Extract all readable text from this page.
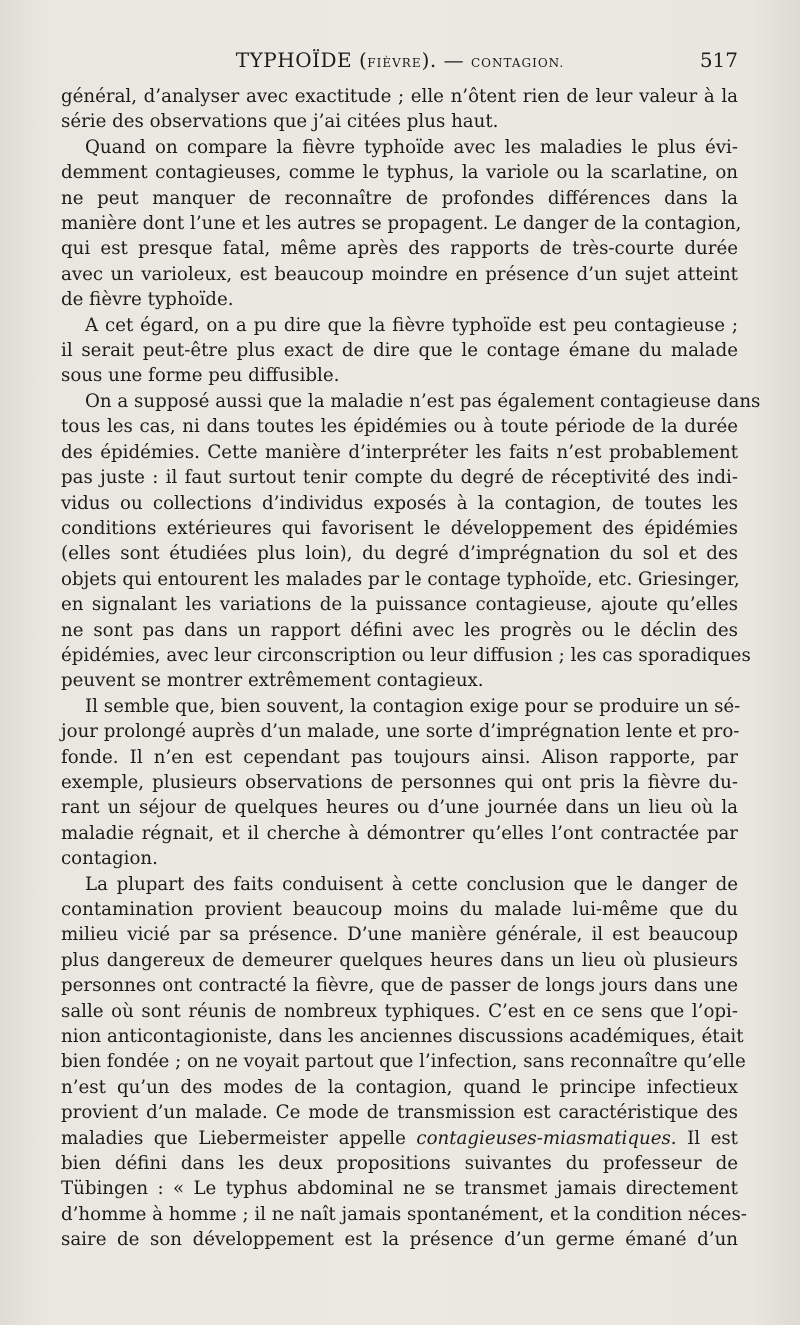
TYPHOÏDE (FIÈVRE). — CONTAGION.	517

général, d’analyser avec exactitude ; elle n’ôtent rien de leur valeur à la
série des observations que j’ai citées plus haut.

Quand on compare la fièvre typhoïde avec les maladies le plus évi-
demment contagieuses, comme le typhus, la variole ou la scarlatine, on
ne peut manquer de reconnaître de profondes différences dans la
manière dont l’une et les autres se propagent. Le danger de la contagion,
qui est presque fatal, même après des rapports de très-courte durée
avec un varioleux, est beaucoup moindre en présence d’un sujet atteint
de fièvre typhoïde.

A cet égard, on a pu dire que la fièvre typhoïde est peu contagieuse ;
il serait peut-être plus exact de dire que le contage émane du malade
sous une forme peu diffusible.

On a supposé aussi que la maladie n’est pas également contagieuse dans
tous les cas, ni dans toutes les épidémies ou à toute période de la durée
des épidémies. Cette manière d’interpréter les faits n’est probablement
pas juste : il faut surtout tenir compte du degré de réceptivité des indi-
vidus ou collections d’individus exposés à la contagion, de toutes les
conditions extérieures qui favorisent le développement des épidémies
(elles sont étudiées plus loin), du degré d’imprégnation du sol et des
objets qui entourent les malades par le contage typhoïde, etc. Griesinger,
en signalant les variations de la puissance contagieuse, ajoute qu’elles
ne sont pas dans un rapport défini avec les progrès ou le déclin des
épidémies, avec leur circonscription ou leur diffusion ; les cas sporadiques
peuvent se montrer extrêmement contagieux.

Il semble que, bien souvent, la contagion exige pour se produire un sé-
jour prolongé auprès d’un malade, une sorte d’imprégnation lente et pro-
fonde. Il n’en est cependant pas toujours ainsi. Alison rapporte, par
exemple, plusieurs observations de personnes qui ont pris la fièvre du-
rant un séjour de quelques heures ou d’une journée dans un lieu où la
maladie régnait, et il cherche à démontrer qu’elles l’ont contractée par
contagion.

La plupart des faits conduisent à cette conclusion que le danger de
contamination provient beaucoup moins du malade lui-même que du
milieu vicié par sa présence. D’une manière générale, il est beaucoup
plus dangereux de demeurer quelques heures dans un lieu où plusieurs
personnes ont contracté la fièvre, que de passer de longs jours dans une
salle où sont réunis de nombreux typhiques. C’est en ce sens que l’opi-
nion anticontagioniste, dans les anciennes discussions académiques, était
bien fondée ; on ne voyait partout que l’infection, sans reconnaître qu’elle
n’est qu’un des modes de la contagion, quand le principe infectieux
provient d’un malade. Ce mode de transmission est caractéristique des
maladies que Liebermeister appelle contagieuses-miasmatiques. Il est
bien défini dans les deux propositions suivantes du professeur de
Tübingen : « Le typhus abdominal ne se transmet jamais directement
d’homme à homme ; il ne naît jamais spontanément, et la condition néces-
saire de son développement est la présence d’un germe émané d’un
